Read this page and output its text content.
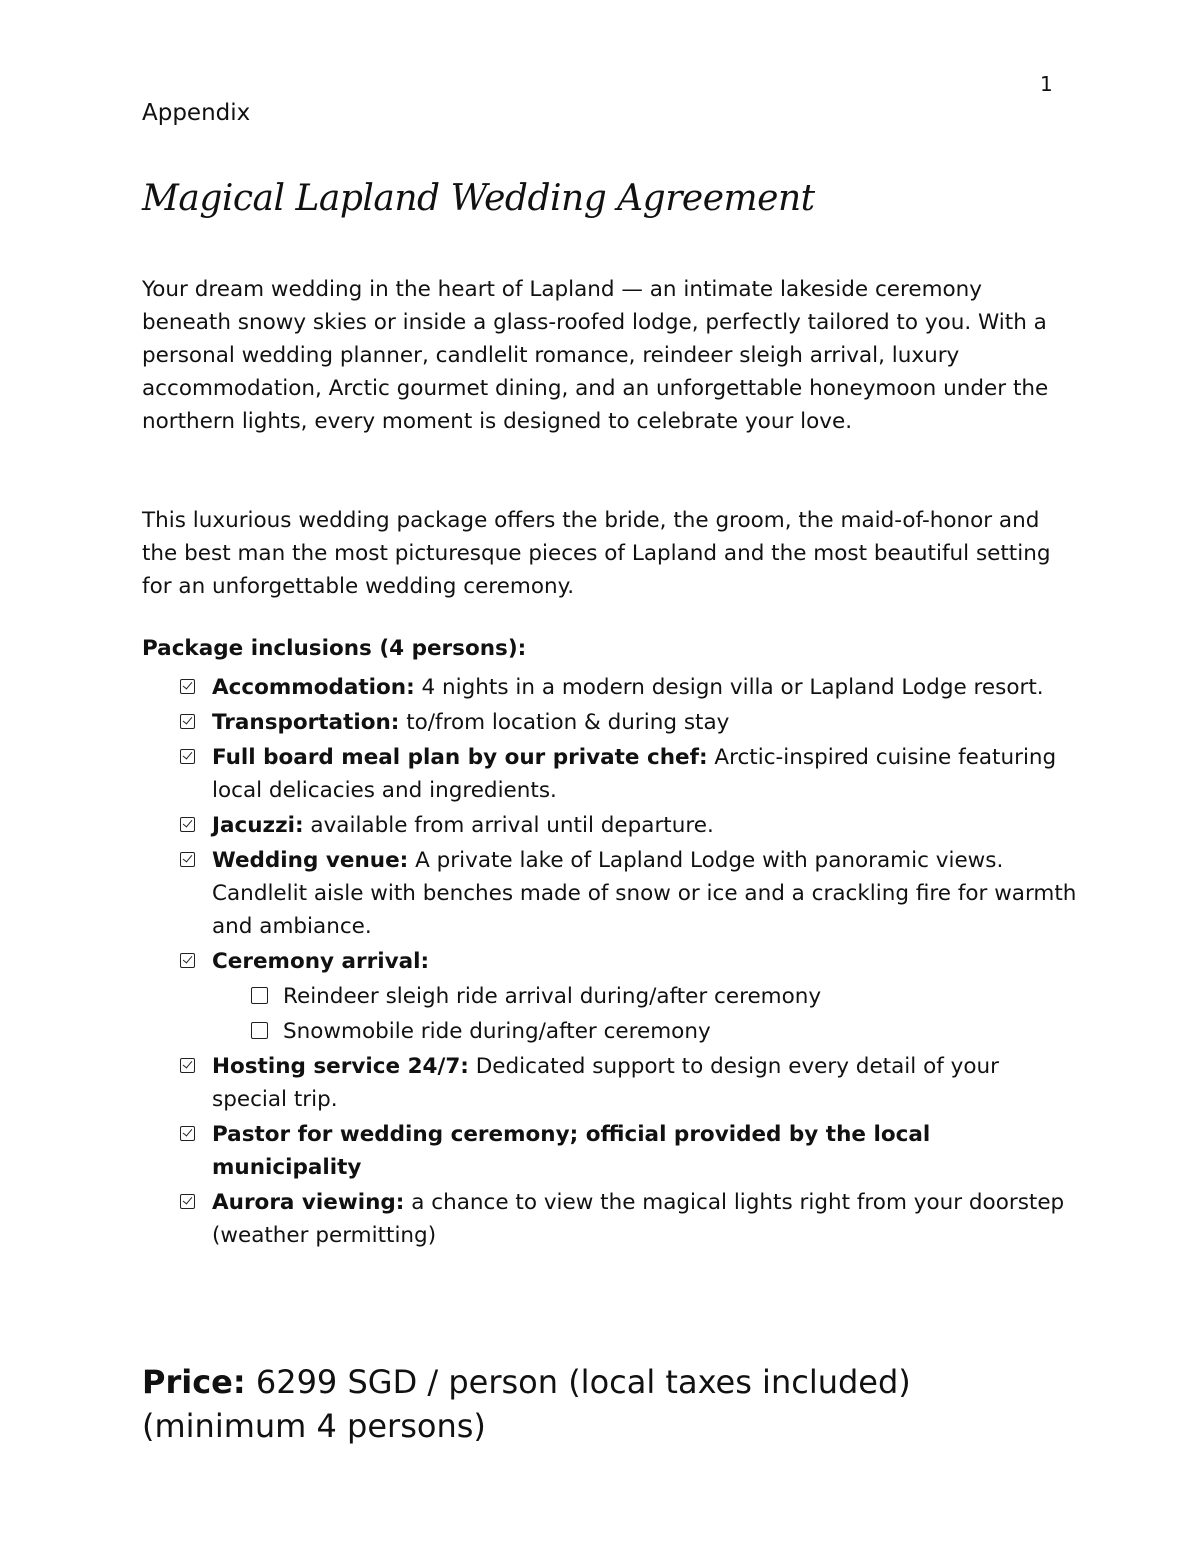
1
Appendix
Magical Lapland Wedding Agreement

Your dream wedding in the heart of Lapland — an intimate lakeside ceremony beneath snowy skies or inside a glass-roofed lodge, perfectly tailored to you. With a personal wedding planner, candlelit romance, reindeer sleigh arrival, luxury accommodation, Arctic gourmet dining, and an unforgettable honeymoon under the northern lights, every moment is designed to celebrate your love.

This luxurious wedding package offers the bride, the groom, the maid-of-honor and the best man the most picturesque pieces of Lapland and the most beautiful setting for an unforgettable wedding ceremony.

Package inclusions (4 persons):
Accommodation: 4 nights in a modern design villa or Lapland Lodge resort.
Transportation: to/from location & during stay
Full board meal plan by our private chef: Arctic-inspired cuisine featuring local delicacies and ingredients.
Jacuzzi: available from arrival until departure.
Wedding venue: A private lake of Lapland Lodge with panoramic views. Candlelit aisle with benches made of snow or ice and a crackling fire for warmth and ambiance.
Ceremony arrival:
Reindeer sleigh ride arrival during/after ceremony
Snowmobile ride during/after ceremony
Hosting service 24/7: Dedicated support to design every detail of your special trip.
Pastor for wedding ceremony; official provided by the local municipality
Aurora viewing: a chance to view the magical lights right from your doorstep (weather permitting)
Price: 6299 SGD / person (local taxes included)
(minimum 4 persons)
